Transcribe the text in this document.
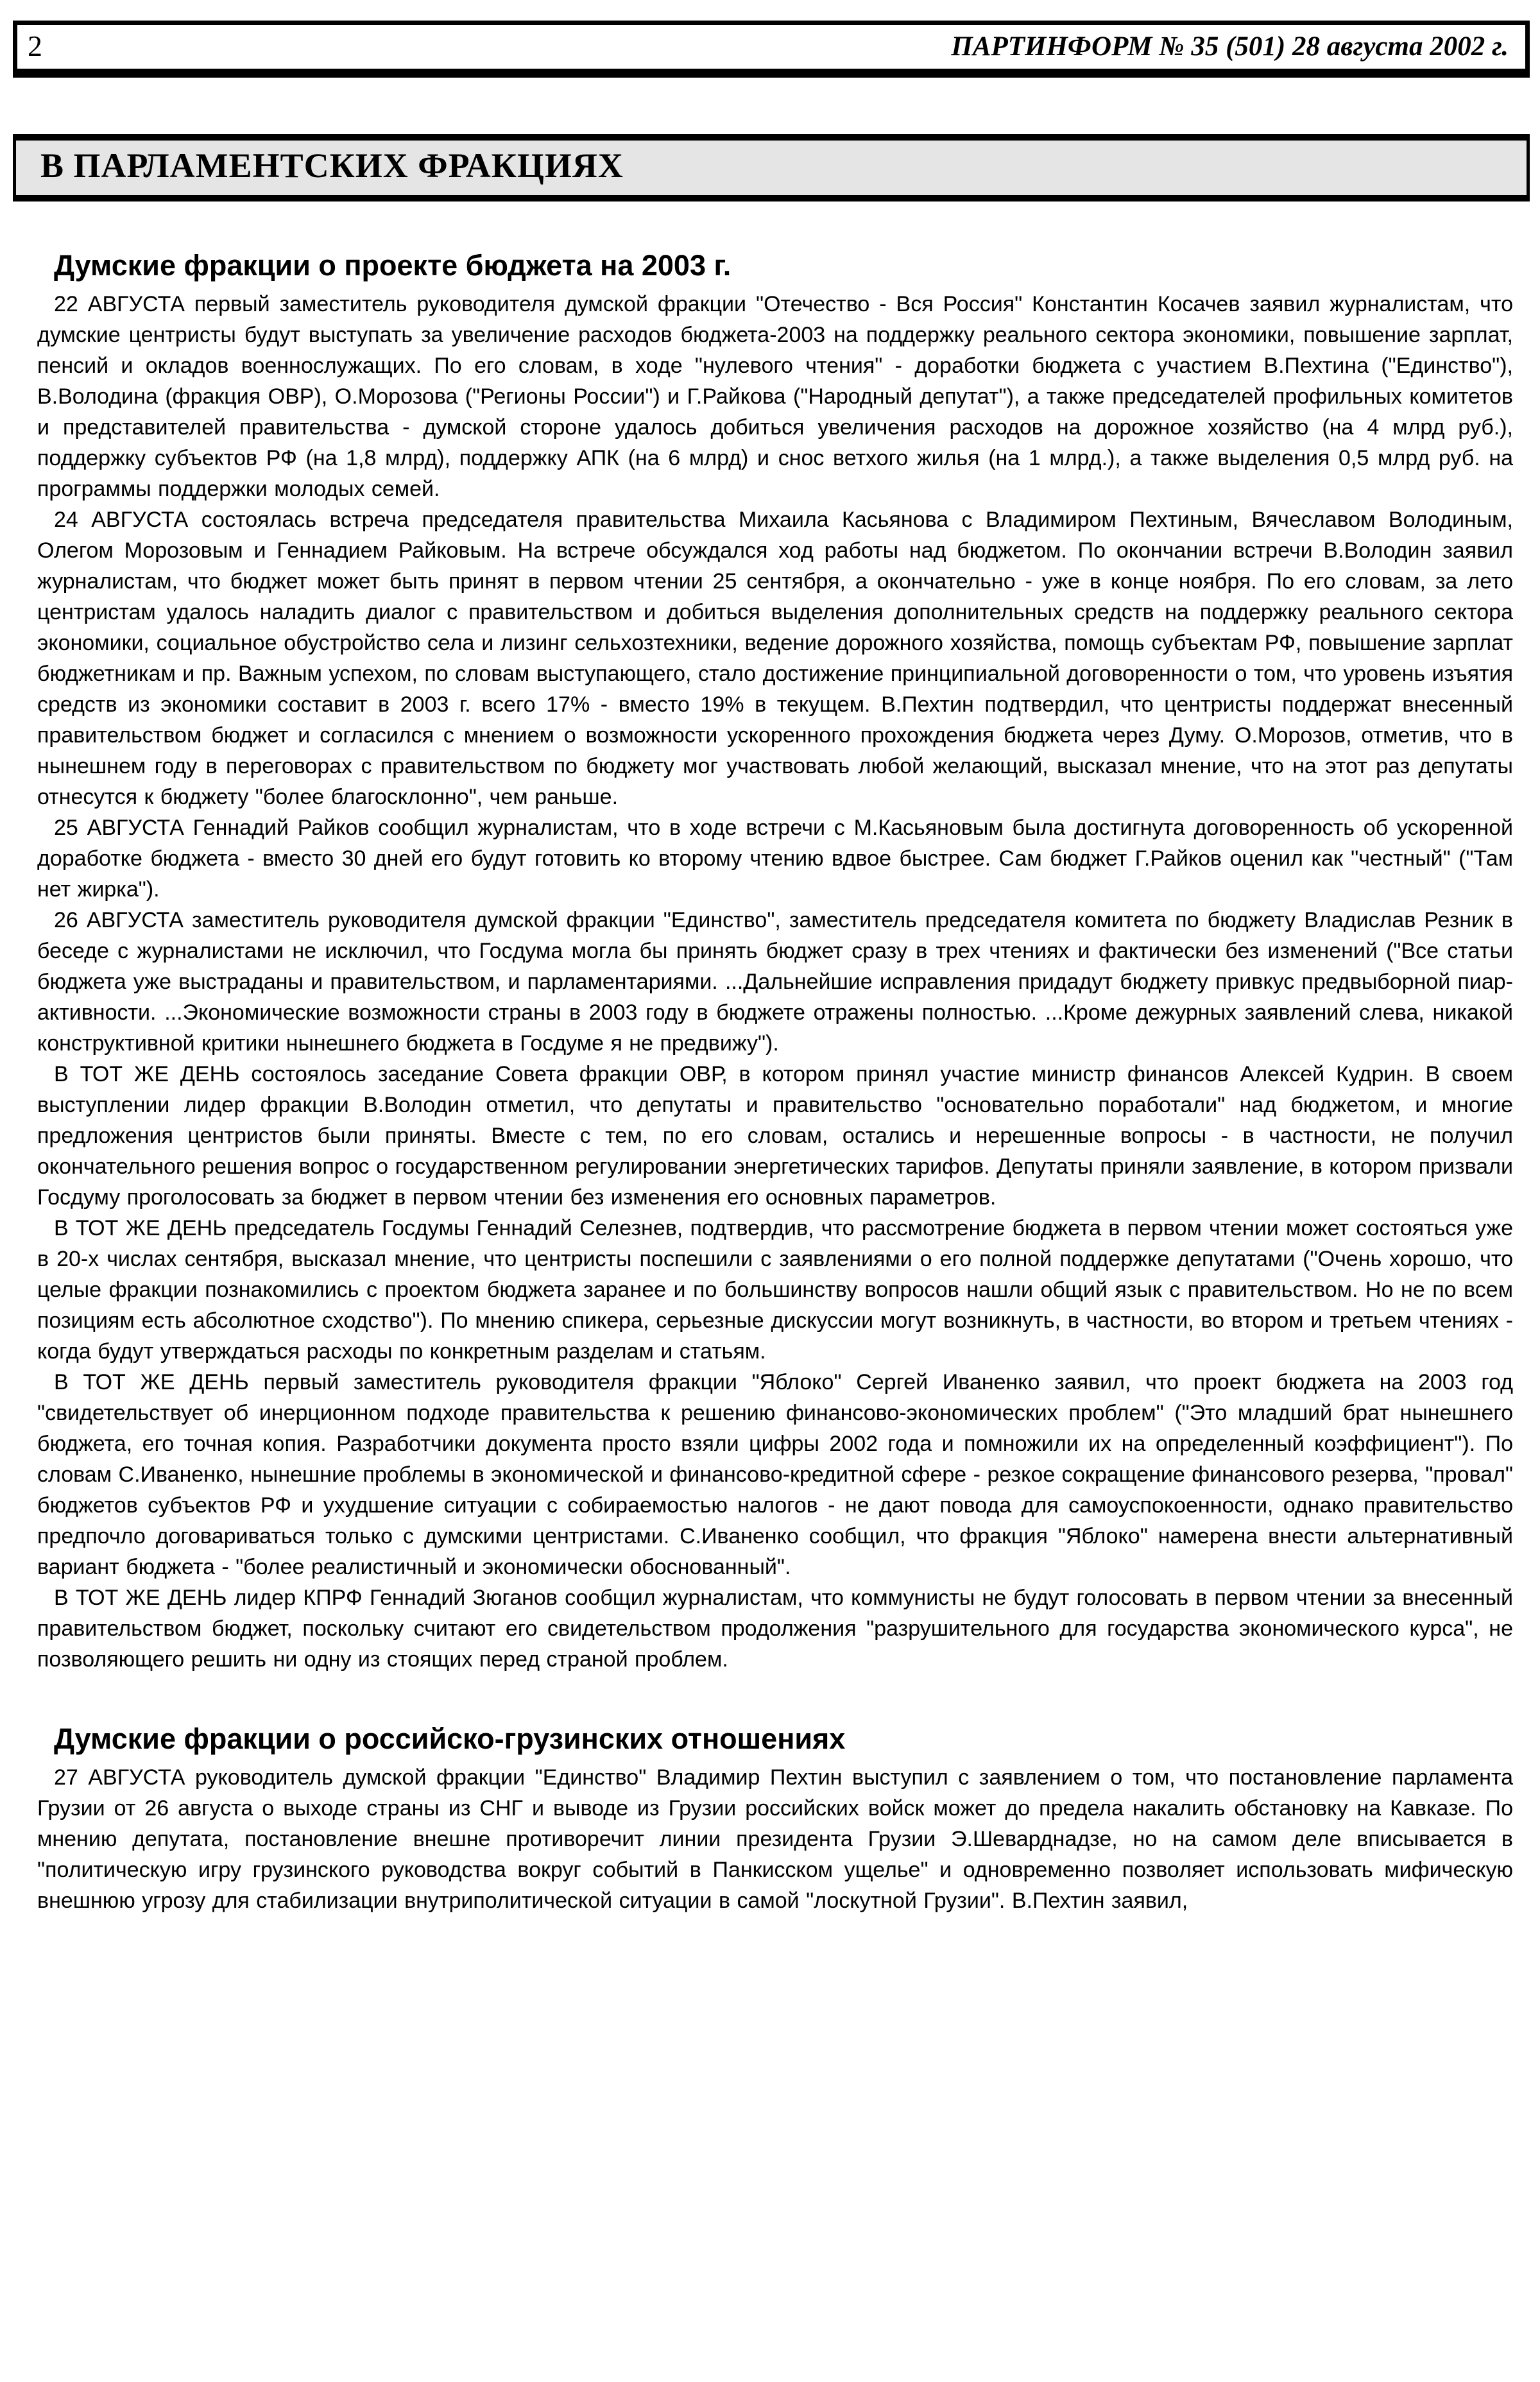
2	ПАРТИНФОРМ № 35 (501) 28 августа 2002 г.
В ПАРЛАМЕНТСКИХ ФРАКЦИЯХ
Думские фракции о проекте бюджета на 2003 г.

22 АВГУСТА первый заместитель руководителя думской фракции "Отечество - Вся Россия" Константин Косачев заявил журналистам, что думские центристы будут выступать за увеличение расходов бюджета-2003 на поддержку реального сектора экономики, повышение зарплат, пенсий и окладов военнослужащих. По его словам, в ходе "нулевого чтения" - доработки бюджета с участием В.Пехтина ("Единство"), В.Володина (фракция ОВР), О.Морозова ("Регионы России") и Г.Райкова ("Народный депутат"), а также председателей профильных комитетов и представителей правительства - думской стороне удалось добиться увеличения расходов на дорожное хозяйство (на 4 млрд руб.), поддержку субъектов РФ (на 1,8 млрд), поддержку АПК (на 6 млрд) и снос ветхого жилья (на 1 млрд.), а также выделения 0,5 млрд руб. на программы поддержки молодых семей.

24 АВГУСТА состоялась встреча председателя правительства Михаила Касьянова с Владимиром Пехтиным, Вячеславом Володиным, Олегом Морозовым и Геннадием Райковым. На встрече обсуждался ход работы над бюджетом. По окончании встречи В.Володин заявил журналистам, что бюджет может быть принят в первом чтении 25 сентября, а окончательно - уже в конце ноября. По его словам, за лето центристам удалось наладить диалог с правительством и добиться выделения дополнительных средств на поддержку реального сектора экономики, социальное обустройство села и лизинг сельхозтехники, ведение дорожного хозяйства, помощь субъектам РФ, повышение зарплат бюджетникам и пр. Важным успехом, по словам выступающего, стало достижение принципиальной договоренности о том, что уровень изъятия средств из экономики составит в 2003 г. всего 17% - вместо 19% в текущем. В.Пехтин подтвердил, что центристы поддержат внесенный правительством бюджет и согласился с мнением о возможности ускоренного прохождения бюджета через Думу. О.Морозов, отметив, что в нынешнем году в переговорах с правительством по бюджету мог участвовать любой желающий, высказал мнение, что на этот раз депутаты отнесутся к бюджету "более благосклонно", чем раньше.

25 АВГУСТА Геннадий Райков сообщил журналистам, что в ходе встречи с М.Касьяновым была достигнута договоренность об ускоренной доработке бюджета - вместо 30 дней его будут готовить ко второму чтению вдвое быстрее. Сам бюджет Г.Райков оценил как "честный" ("Там нет жирка").

26 АВГУСТА заместитель руководителя думской фракции "Единство", заместитель председателя комитета по бюджету Владислав Резник в беседе с журналистами не исключил, что Госдума могла бы принять бюджет сразу в трех чтениях и фактически без изменений ("Все статьи бюджета уже выстраданы и правительством, и парламентариями. ...Дальнейшие исправления придадут бюджету привкус предвыборной пиар-активности. ...Экономические возможности страны в 2003 году в бюджете отражены полностью. ...Кроме дежурных заявлений слева, никакой конструктивной критики нынешнего бюджета в Госдуме я не предвижу").

В ТОТ ЖЕ ДЕНЬ состоялось заседание Совета фракции ОВР, в котором принял участие министр финансов Алексей Кудрин. В своем выступлении лидер фракции В.Володин отметил, что депутаты и правительство "основательно поработали" над бюджетом, и многие предложения центристов были приняты. Вместе с тем, по его словам, остались и нерешенные вопросы - в частности, не получил окончательного решения вопрос о государственном регулировании энергетических тарифов. Депутаты приняли заявление, в котором призвали Госдуму проголосовать за бюджет в первом чтении без изменения его основных параметров.

В ТОТ ЖЕ ДЕНЬ председатель Госдумы Геннадий Селезнев, подтвердив, что рассмотрение бюджета в первом чтении может состояться уже в 20-х числах сентября, высказал мнение, что центристы поспешили с заявлениями о его полной поддержке депутатами ("Очень хорошо, что целые фракции познакомились с проектом бюджета заранее и по большинству вопросов нашли общий язык с правительством. Но не по всем позициям есть абсолютное сходство"). По мнению спикера, серьезные дискуссии могут возникнуть, в частности, во втором и третьем чтениях - когда будут утверждаться расходы по конкретным разделам и статьям.

В ТОТ ЖЕ ДЕНЬ первый заместитель руководителя фракции "Яблоко" Сергей Иваненко заявил, что проект бюджета на 2003 год "свидетельствует об инерционном подходе правительства к решению финансово-экономических проблем" ("Это младший брат нынешнего бюджета, его точная копия. Разработчики документа просто взяли цифры 2002 года и помножили их на определенный коэффициент"). По словам С.Иваненко, нынешние проблемы в экономической и финансово-кредитной сфере - резкое сокращение финансового резерва, "провал" бюджетов субъектов РФ и ухудшение ситуации с собираемостью налогов - не дают повода для самоуспокоенности, однако правительство предпочло договариваться только с думскими центристами. С.Иваненко сообщил, что фракция "Яблоко" намерена внести альтернативный вариант бюджета - "более реалистичный и экономически обоснованный".

В ТОТ ЖЕ ДЕНЬ лидер КПРФ Геннадий Зюганов сообщил журналистам, что коммунисты не будут голосовать в первом чтении за внесенный правительством бюджет, поскольку считают его свидетельством продолжения "разрушительного для государства экономического курса", не позволяющего решить ни одну из стоящих перед страной проблем.

Думские фракции о российско-грузинских отношениях

27 АВГУСТА руководитель думской фракции "Единство" Владимир Пехтин выступил с заявлением о том, что постановление парламента Грузии от 26 августа о выходе страны из СНГ и выводе из Грузии российских войск может до предела накалить обстановку на Кавказе. По мнению депутата, постановление внешне противоречит линии президента Грузии Э.Шеварднадзе, но на самом деле вписывается в "политическую игру грузинского руководства вокруг событий в Панкисском ущелье" и одновременно позволяет использовать мифическую внешнюю угрозу для стабилизации внутриполитической ситуации в самой "лоскутной Грузии". В.Пехтин заявил,
